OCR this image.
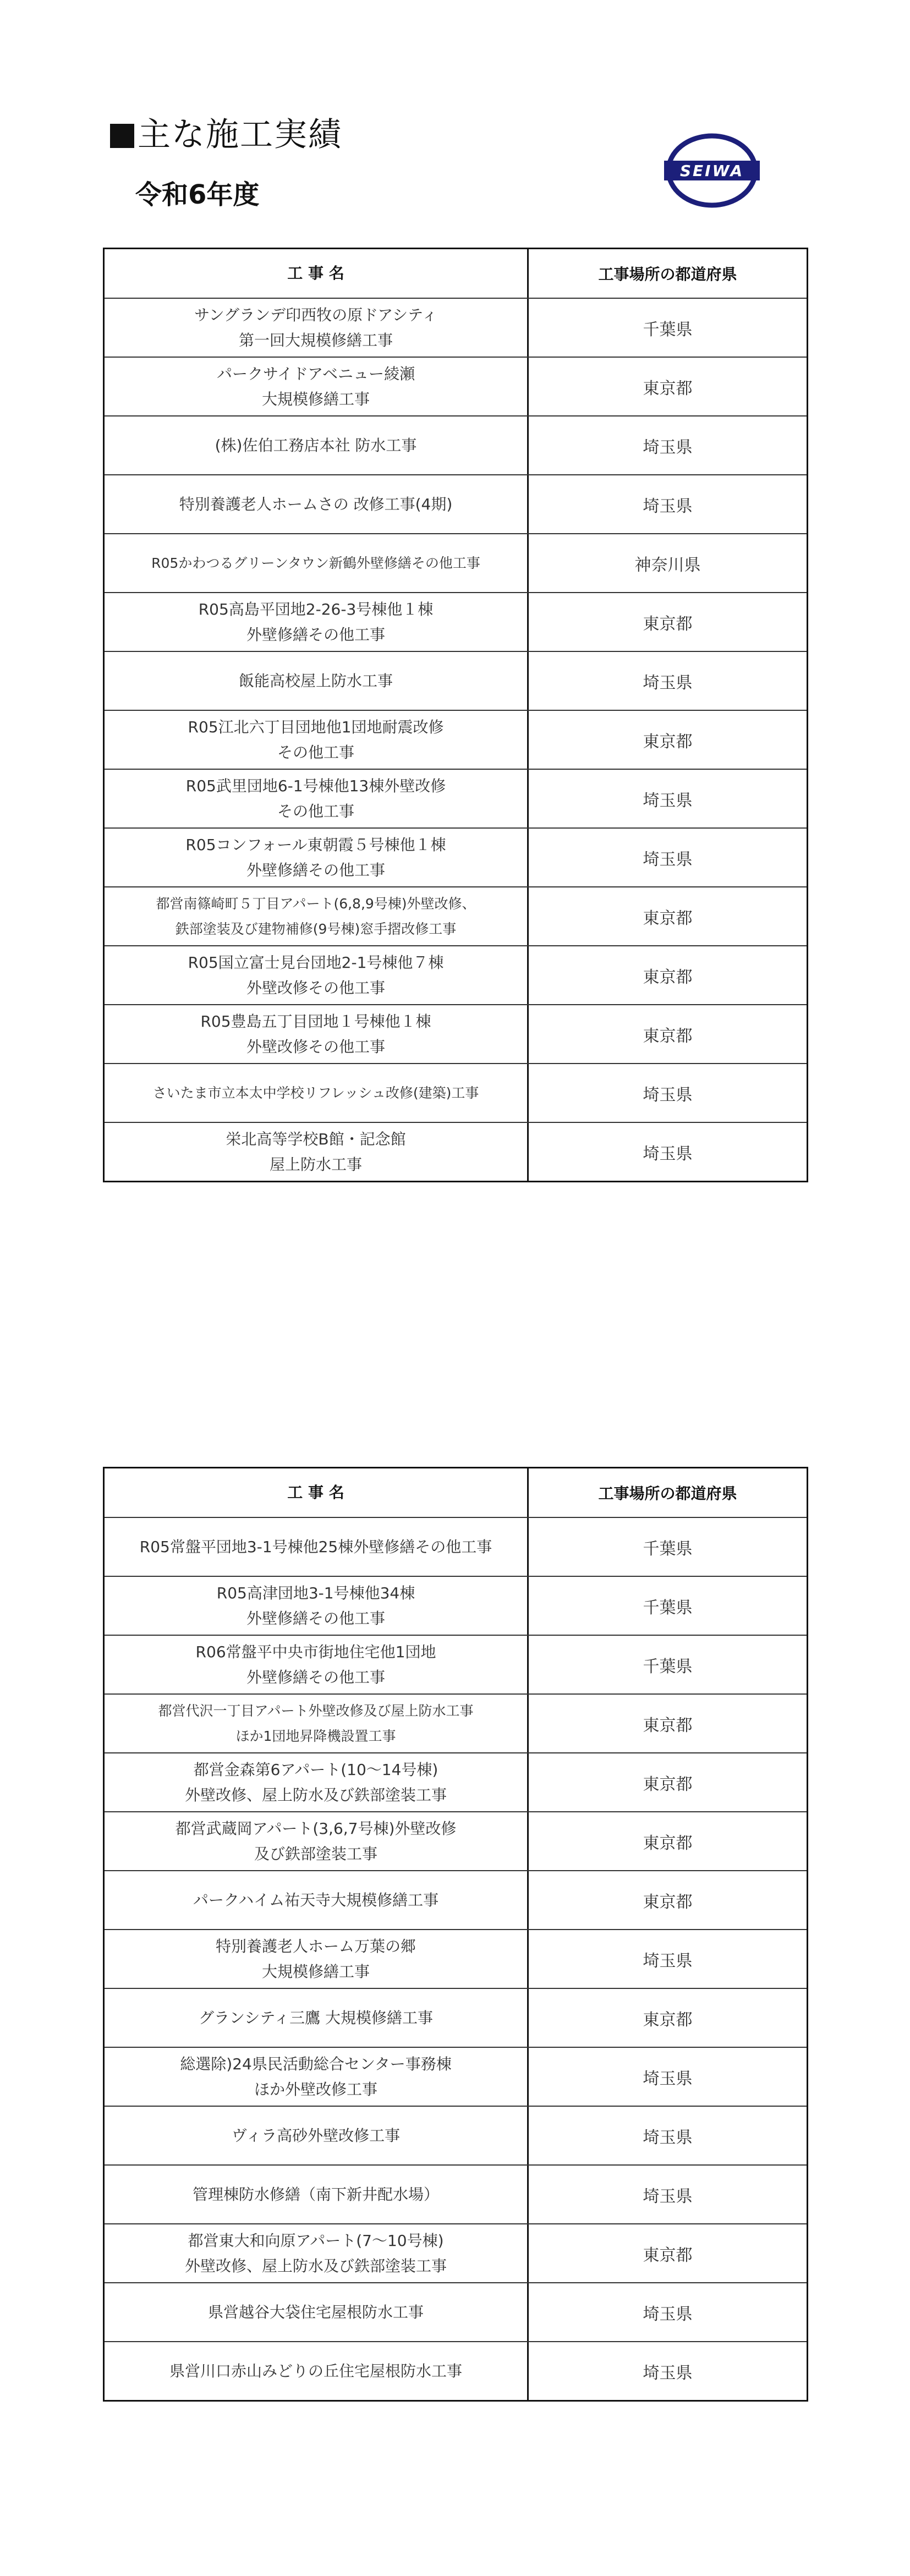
主な施工実績
令和6年度
SEIWA
工 事 名	工事場所の都道府県
サングランデ印西牧の原ドアシティ
第一回大規模修繕工事
千葉県
パークサイドアベニュー綾瀬
大規模修繕工事
東京都
(株)佐伯工務店本社 防水工事	埼玉県
特別養護老人ホームさの 改修工事(4期)	埼玉県
R05かわつるグリーンタウン新鶴外壁修繕その他工事	神奈川県
R05高島平団地2-26-3号棟他１棟
外壁修繕その他工事
東京都
飯能高校屋上防水工事	埼玉県
R05江北六丁目団地他1団地耐震改修
その他工事
東京都
R05武里団地6-1号棟他13棟外壁改修
その他工事
埼玉県
R05コンフォール東朝霞５号棟他１棟
外壁修繕その他工事
埼玉県
都営南篠崎町５丁目アパート(6,8,9号棟)外壁改修、
鉄部塗装及び建物補修(9号棟)窓手摺改修工事
東京都
R05国立富士見台団地2-1号棟他７棟
外壁改修その他工事
東京都
R05豊島五丁目団地１号棟他１棟
外壁改修その他工事
東京都
さいたま市立本太中学校リフレッシュ改修(建築)工事	埼玉県
栄北高等学校B館・記念館
屋上防水工事
埼玉県
工 事 名	工事場所の都道府県
R05常盤平団地3-1号棟他25棟外壁修繕その他工事	千葉県
R05高津団地3-1号棟他34棟
外壁修繕その他工事
千葉県
R06常盤平中央市街地住宅他1団地
外壁修繕その他工事
千葉県
都営代沢一丁目アパート外壁改修及び屋上防水工事
ほか1団地昇降機設置工事
東京都
都営金森第6アパート(10～14号棟)
外壁改修、屋上防水及び鉄部塗装工事
東京都
都営武蔵岡アパート(3,6,7号棟)外壁改修
及び鉄部塗装工事
東京都
パークハイム祐天寺大規模修繕工事	東京都
特別養護老人ホーム万葉の郷
大規模修繕工事
埼玉県
グランシティ三鷹 大規模修繕工事	東京都
総選除)24県民活動総合センター事務棟
ほか外壁改修工事
埼玉県
ヴィラ高砂外壁改修工事	埼玉県
管理棟防水修繕（南下新井配水場）	埼玉県
都営東大和向原アパート(7～10号棟)
外壁改修、屋上防水及び鉄部塗装工事
東京都
県営越谷大袋住宅屋根防水工事	埼玉県
県営川口赤山みどりの丘住宅屋根防水工事	埼玉県
